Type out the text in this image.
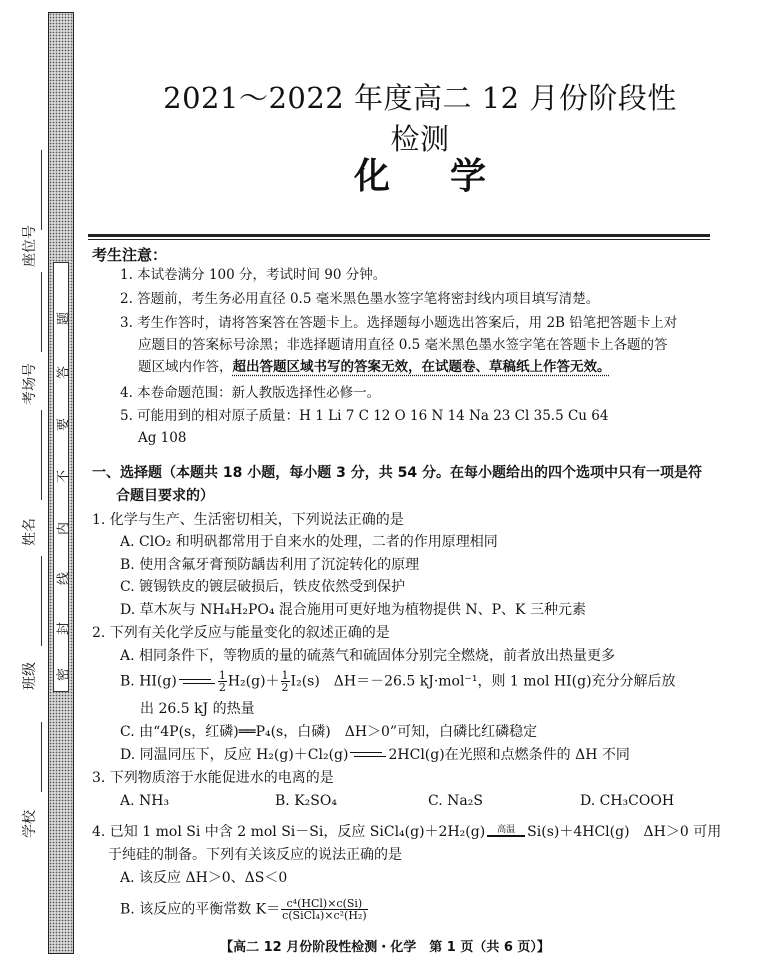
题
答
要
不
内
线
封
密
座位号
考场号
姓名
班级
学校
2021～2022 年度高二 12 月份阶段性检测
化学
考生注意：
1. 本试卷满分 100 分，考试时间 90 分钟。
2. 答题前，考生务必用直径 0.5 毫米黑色墨水签字笔将密封线内项目填写清楚。
3. 考生作答时，请将答案答在答题卡上。选择题每小题选出答案后，用 2B 铅笔把答题卡上对
应题目的答案标号涂黑；非选择题请用直径 0.5 毫米黑色墨水签字笔在答题卡上各题的答
题区域内作答，超出答题区域书写的答案无效，在试题卷、草稿纸上作答无效。
4. 本卷命题范围：新人教版选择性必修一。
5. 可能用到的相对原子质量：H 1 Li 7 C 12 O 16 N 14 Na 23 Cl 35.5 Cu 64
Ag 108
一、选择题（本题共 18 小题，每小题 3 分，共 54 分。在每小题给出的四个选项中只有一项是符
合题目要求的）
1. 化学与生产、生活密切相关，下列说法正确的是
A. ClO₂ 和明矾都常用于自来水的处理，二者的作用原理相同
B. 使用含氟牙膏预防龋齿利用了沉淀转化的原理
C. 镀锡铁皮的镀层破损后，铁皮依然受到保护
D. 草木灰与 NH₄H₂PO₄ 混合施用可更好地为植物提供 N、P、K 三种元素
2. 下列有关化学反应与能量变化的叙述正确的是
A. 相同条件下，等物质的量的硫蒸气和硫固体分别完全燃烧，前者放出热量更多
B. HI(g)	$\frac{1}{2} H_2(g)+ \frac{1}{2} I_2(s)$　ΔH＝－26.5 kJ·mol⁻¹，则 1 mol HI(g)充分分解后放
出 26.5 kJ 的热量
C. 由“4P(s，红磷)══P₄(s，白磷)　ΔH＞0”可知，白磷比红磷稳定
D. 同温同压下，反应 H₂(g)＋Cl₂(g)	2HCl(g)在光照和点燃条件的 ΔH 不同
3. 下列物质溶于水能促进水的电离的是
A. NH₃	B. K₂SO₄	C. Na₂S	D. CH₃COOH
4. 已知 1 mol Si 中含 2 mol Si－Si，反应 SiCl₄(g)＋2H₂(g)	高温 Si(s)＋4HCl(g)　ΔH＞0 可用
于纯硅的制备。下列有关该反应的说法正确的是
A. 该反应 ΔH＞0、ΔS＜0
B. 该反应的平衡常数 $K= \frac{\text{c⁴(HCl)×c(Si)}}{\text{c(SiCl₄)×c²(H₂)}}$
【高二 12 月份阶段性检测・化学　第 1 页（共 6 页）】
